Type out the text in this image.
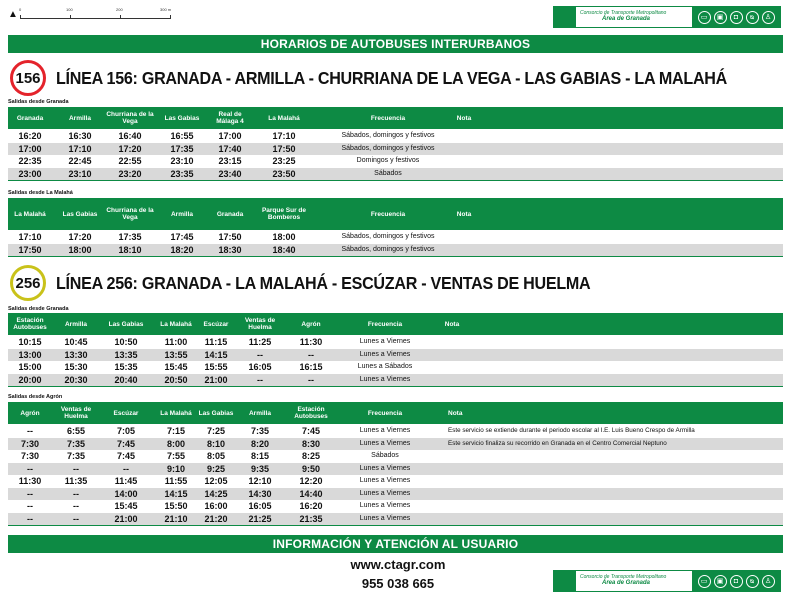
▲ 0	100	200	300 m
Consorcio de Transporte Metropolitano
Área de Granada	▭	▣	◘	ᴓ	♙
HORARIOS DE AUTOBUSES INTERURBANOS
156 LÍNEA 156: GRANADA - ARMILLA - CHURRIANA DE LA VEGA - LAS GABIAS - LA MALAHÁ
Salidas desde Granada
Granada	Armilla	Churriana de la Vega	Las Gabias	Real de Málaga 4	La Malahá	Frecuencia	Nota
16:20	16:30	16:40	16:55	17:00	17:10	Sábados, domingos y festivos
17:00	17:10	17:20	17:35	17:40	17:50	Sábados, domingos y festivos
22:35	22:45	22:55	23:10	23:15	23:25	Domingos y festivos
23:00	23:10	23:20	23:35	23:40	23:50	Sábados
Salidas desde La Malahá
La Malahá	Las Gabias	Churriana de la Vega	Armilla	Granada	Parque Sur de Bomberos	Frecuencia	Nota
17:10	17:20	17:35	17:45	17:50	18:00	Sábados, domingos y festivos
17:50	18:00	18:10	18:20	18:30	18:40	Sábados, domingos y festivos
256 LÍNEA 256: GRANADA - LA MALAHÁ - ESCÚZAR - VENTAS DE HUELMA
Salidas desde Granada
Estación Autobuses	Armilla	Las Gabias	La Malahá	Escúzar	Ventas de Huelma	Agrón	Frecuencia	Nota
10:15	10:45	10:50	11:00	11:15	11:25	11:30	Lunes a Viernes
13:00	13:30	13:35	13:55	14:15	--	--	Lunes a Viernes
15:00	15:30	15:35	15:45	15:55	16:05	16:15	Lunes a Sábados
20:00	20:30	20:40	20:50	21:00	--	--	Lunes a Viernes
Salidas desde Agrón
Agrón	Ventas de Huelma	Escúzar	La Malahá	Las Gabias	Armilla	Estación Autobuses	Frecuencia	Nota
--	6:55	7:05	7:15	7:25	7:35	7:45	Lunes a Viernes	Este servicio se extiende durante el periodo escolar al I.E. Luis Bueno Crespo de Armilla
7:30	7:35	7:45	8:00	8:10	8:20	8:30	Lunes a Viernes	Este servicio finaliza su recorrido en Granada en el Centro Comercial Neptuno
7:30	7:35	7:45	7:55	8:05	8:15	8:25	Sábados
--	--	--	9:10	9:25	9:35	9:50	Lunes a Viernes
11:30	11:35	11:45	11:55	12:05	12:10	12:20	Lunes a Viernes
--	--	14:00	14:15	14:25	14:30	14:40	Lunes a Viernes
--	--	15:45	15:50	16:00	16:05	16:20	Lunes a Viernes
--	--	21:00	21:10	21:20	21:25	21:35	Lunes a Viernes
INFORMACIÓN Y ATENCIÓN AL USUARIO
www.ctagr.com
955 038 665	Consorcio de Transporte Metropolitano
Área de Granada	▭	▣	◘	ᴓ	♙
